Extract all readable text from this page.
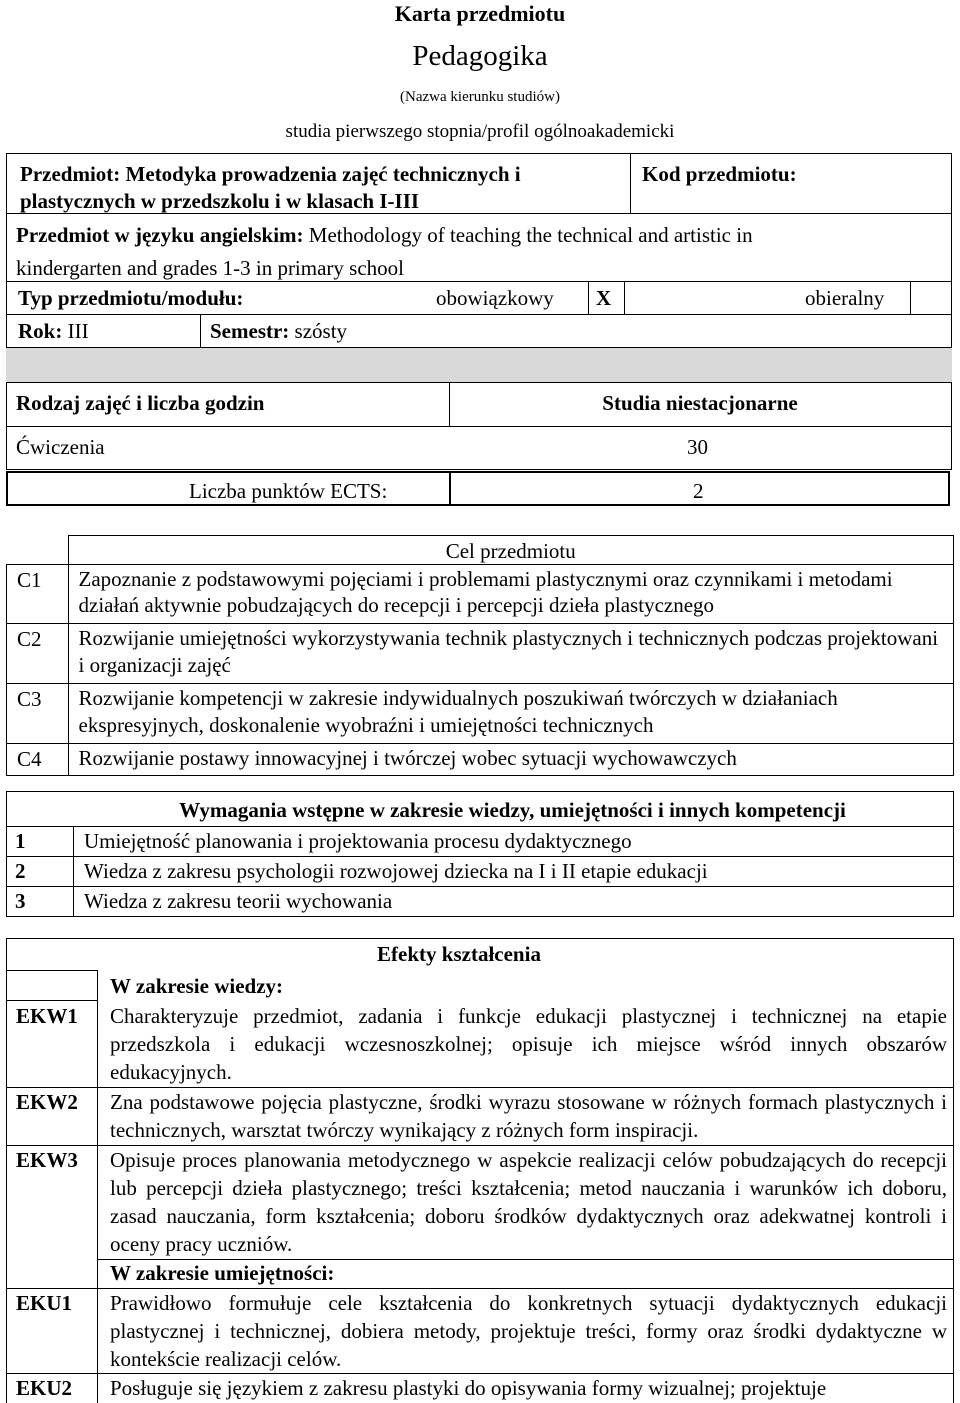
Karta przedmiotu
Pedagogika
(Nazwa kierunku studiów)
studia pierwszego stopnia/profil ogólnoakademicki
Przedmiot: Metodyka prowadzenia zajęć technicznych i plastycznych w przedszkolu i w klasach I-III
Kod przedmiotu:
Przedmiot w języku angielskim: Methodology of teaching the technical and artistic in kindergarten and grades 1-3 in primary school
Typ przedmiotu/modułu:	obowiązkowy X	obieralny
Rok: III	Semestr: szósty
Rodzaj zajęć i liczba godzin	Studia niestacjonarne
Ćwiczenia	30
Liczba punktów ECTS:	2
	Cel przedmiotu
C1	Zapoznanie z podstawowymi pojęciami i problemami plastycznymi oraz czynnikami i metodami działań aktywnie pobudzających do recepcji i percepcji dzieła plastycznego
C2	Rozwijanie umiejętności wykorzystywania technik plastycznych i technicznych podczas projektowani i organizacji zajęć
C3	Rozwijanie kompetencji w zakresie indywidualnych poszukiwań twórczych w działaniach ekspresyjnych, doskonalenie wyobraźni i umiejętności technicznych
C4	Rozwijanie postawy innowacyjnej i twórczej wobec sytuacji wychowawczych
Wymagania wstępne w zakresie wiedzy, umiejętności i innych kompetencji
1	Umiejętność planowania i projektowania procesu dydaktycznego
2	Wiedza z zakresu psychologii rozwojowej dziecka na I i II etapie edukacji
3	Wiedza z zakresu teorii wychowania
Efekty kształcenia
W zakresie wiedzy:
EKW1 Charakteryzuje przedmiot, zadania i funkcje edukacji plastycznej i technicznej na etapie przedszkola i edukacji wczesnoszkolnej; opisuje ich miejsce wśród innych obszarów edukacyjnych.
EKW2 Zna podstawowe pojęcia plastyczne, środki wyrazu stosowane w różnych formach plastycznych i technicznych, warsztat twórczy wynikający z różnych form inspiracji.
EKW3 Opisuje proces planowania metodycznego w aspekcie realizacji celów pobudzających do recepcji lub percepcji dzieła plastycznego; treści kształcenia; metod nauczania i warunków ich doboru, zasad nauczania, form kształcenia; doboru środków dydaktycznych oraz adekwatnej kontroli i oceny pracy uczniów.
W zakresie umiejętności:
EKU1 Prawidłowo formułuje cele kształcenia do konkretnych sytuacji dydaktycznych edukacji plastycznej i technicznej, dobiera metody, projektuje treści, formy oraz środki dydaktyczne w kontekście realizacji celów.
EKU2 Posługuje się językiem z zakresu plastyki do opisywania formy wizualnej; projektuje
